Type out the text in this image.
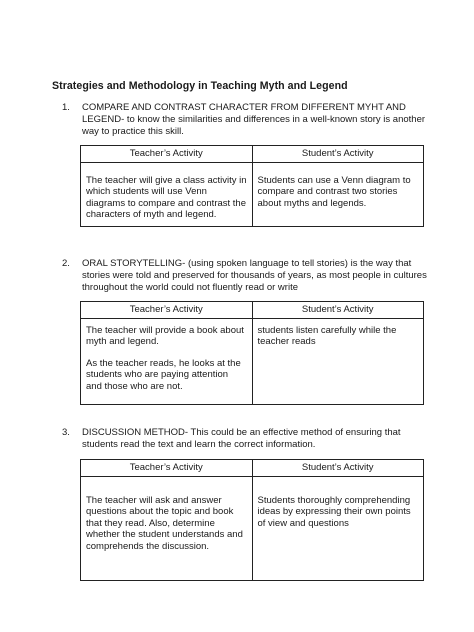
Strategies and Methodology in Teaching Myth and Legend
1. COMPARE AND CONTRAST CHARACTER FROM DIFFERENT MYHT AND LEGEND- to know the similarities and differences in a well-known story is another way to practice this skill.
Teacher’s Activity	Student’s Activity

The teacher will give a class activity in which students will use Venn diagrams to compare and contrast the characters of myth and legend.	Students can use a Venn diagram to compare and contrast two stories about myths and legends.

2. ORAL STORYTELLING- (using spoken language to tell stories) is the way that stories were told and preserved for thousands of years, as most people in cultures throughout the world could not fluently read or write
Teacher’s Activity	Student’s Activity

The teacher will provide a book about myth and legend.

As the teacher reads, he looks at the students who are paying attention and those who are not.	students listen carefully while the teacher reads

3. DISCUSSION METHOD- This could be an effective method of ensuring that students read the text and learn the correct information.
Teacher’s Activity	Student’s Activity

The teacher will ask and answer questions about the topic and book that they read. Also, determine whether the student understands and comprehends the discussion.	Students thoroughly comprehending ideas by expressing their own points of view and questions
